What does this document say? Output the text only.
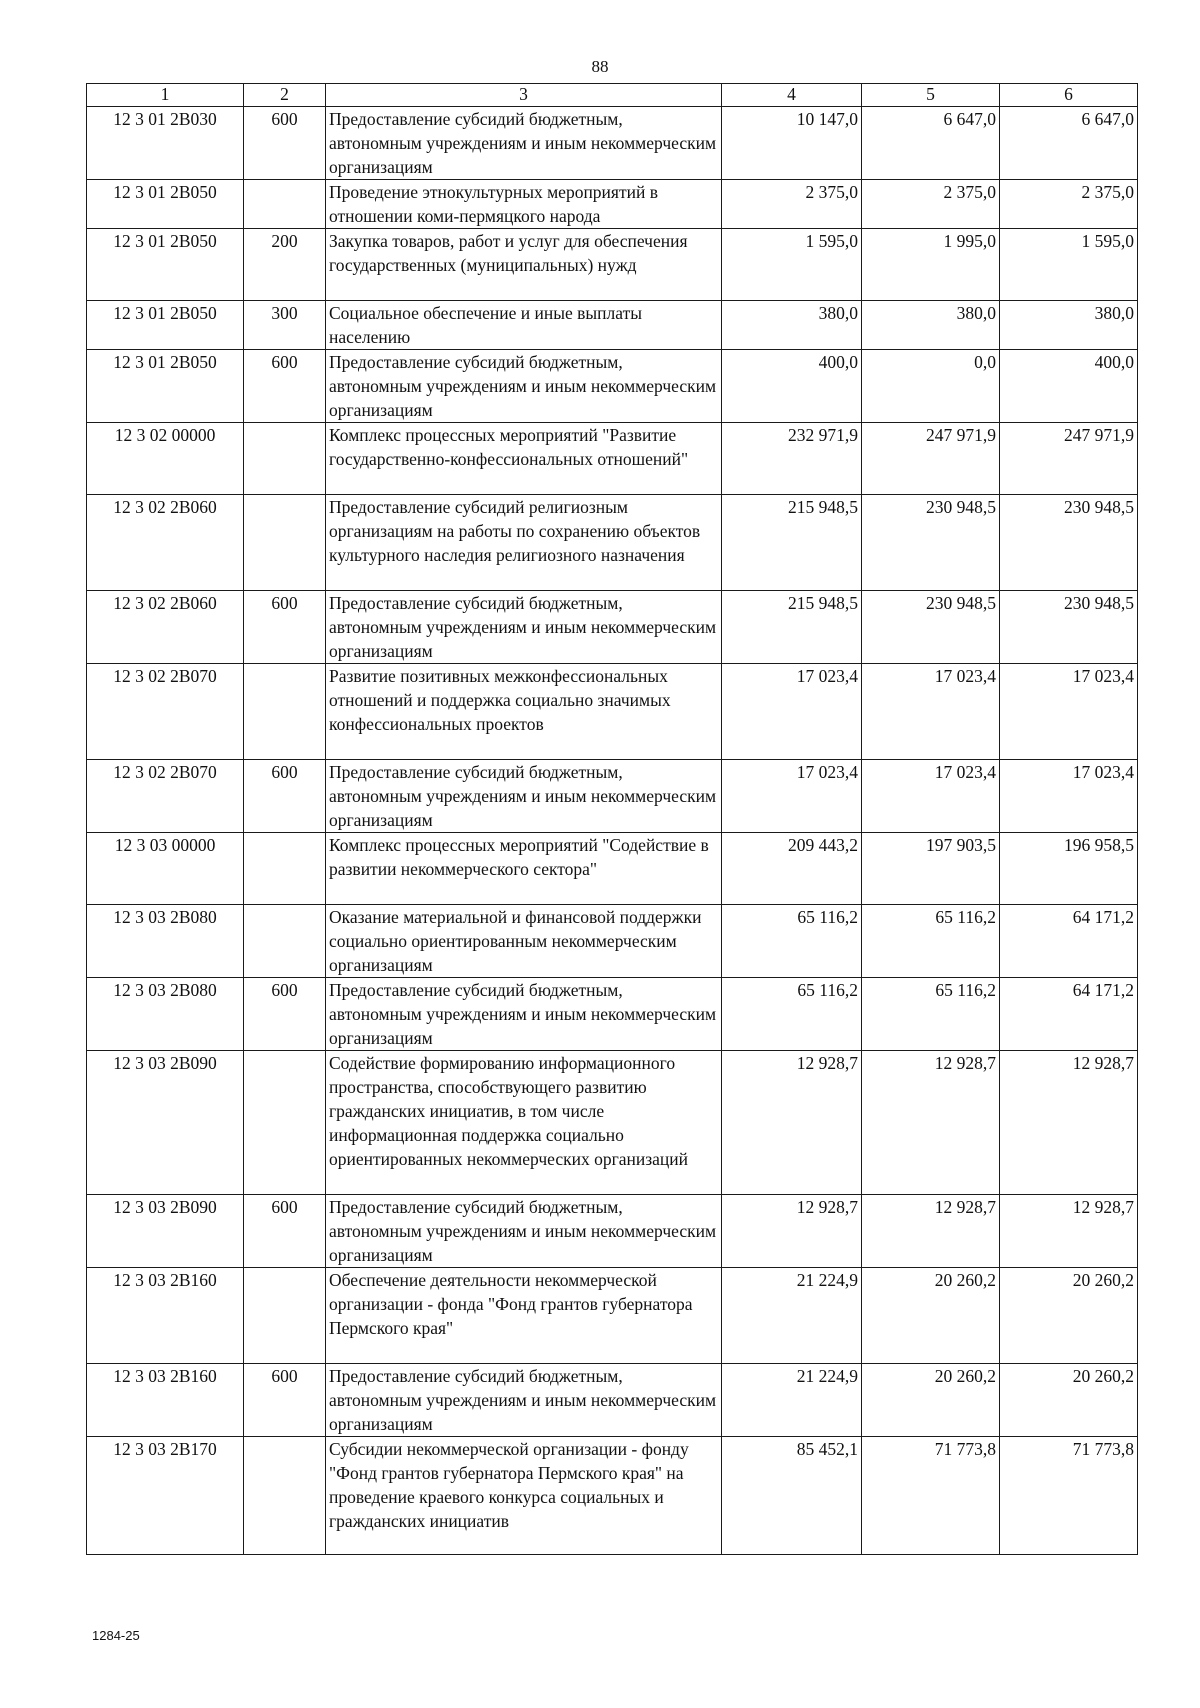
88
1	2	3	4	5	6
12 3 01 2В030	600	Предоставление субсидий бюджетным, автономным учреждениям и иным некоммерческим организациям	10 147,0	6 647,0	6 647,0
12 3 01 2В050		Проведение этнокультурных мероприятий в отношении коми-пермяцкого народа	2 375,0	2 375,0	2 375,0
12 3 01 2В050	200	Закупка товаров, работ и услуг для обеспечения государственных (муниципальных) нужд	1 595,0	1 995,0	1 595,0
12 3 01 2В050	300	Социальное обеспечение и иные выплаты населению	380,0	380,0	380,0
12 3 01 2В050	600	Предоставление субсидий бюджетным, автономным учреждениям и иным некоммерческим организациям	400,0	0,0	400,0
12 3 02 00000		Комплекс процессных мероприятий "Развитие государственно-конфессиональных отношений"	232 971,9	247 971,9	247 971,9
12 3 02 2В060		Предоставление субсидий религиозным организациям на работы по сохранению объектов культурного наследия религиозного назначения	215 948,5	230 948,5	230 948,5
12 3 02 2В060	600	Предоставление субсидий бюджетным, автономным учреждениям и иным некоммерческим организациям	215 948,5	230 948,5	230 948,5
12 3 02 2В070		Развитие позитивных межконфессиональных отношений и поддержка социально значимых конфессиональных проектов	17 023,4	17 023,4	17 023,4
12 3 02 2В070	600	Предоставление субсидий бюджетным, автономным учреждениям и иным некоммерческим организациям	17 023,4	17 023,4	17 023,4
12 3 03 00000		Комплекс процессных мероприятий "Содействие в развитии некоммерческого сектора"	209 443,2	197 903,5	196 958,5
12 3 03 2В080		Оказание материальной и финансовой поддержки социально ориентированным некоммерческим организациям	65 116,2	65 116,2	64 171,2
12 3 03 2В080	600	Предоставление субсидий бюджетным, автономным учреждениям и иным некоммерческим организациям	65 116,2	65 116,2	64 171,2
12 3 03 2В090		Содействие формированию информационного пространства, способствующего развитию гражданских инициатив, в том числе информационная поддержка социально ориентированных некоммерческих организаций	12 928,7	12 928,7	12 928,7
12 3 03 2В090	600	Предоставление субсидий бюджетным, автономным учреждениям и иным некоммерческим организациям	12 928,7	12 928,7	12 928,7
12 3 03 2В160		Обеспечение деятельности некоммерческой организации - фонда "Фонд грантов губернатора Пермского края"	21 224,9	20 260,2	20 260,2
12 3 03 2В160	600	Предоставление субсидий бюджетным, автономным учреждениям и иным некоммерческим организациям	21 224,9	20 260,2	20 260,2
12 3 03 2В170		Субсидии некоммерческой организации - фонду "Фонд грантов губернатора Пермского края" на проведение краевого конкурса социальных и гражданских инициатив	85 452,1	71 773,8	71 773,8
1284-25
